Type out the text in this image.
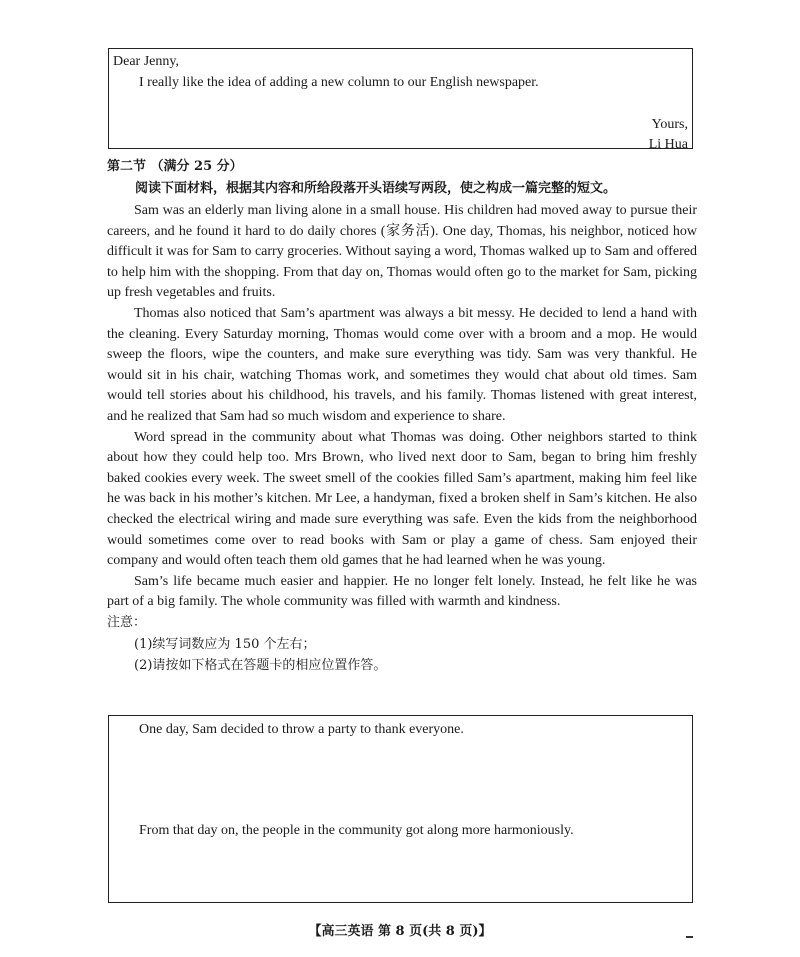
Dear Jenny,
I really like the idea of adding a new column to our English newspaper.
Yours,
Li Hua
第二节 （满分 25 分）
阅读下面材料，根据其内容和所给段落开头语续写两段，使之构成一篇完整的短文。

Sam was an elderly man living alone in a small house. His children had moved away to pursue their careers, and he found it hard to do daily chores (家务活). One day, Thomas, his neighbor, noticed how difficult it was for Sam to carry groceries. Without saying a word, Thomas walked up to Sam and offered to help him with the shopping. From that day on, Thomas would often go to the market for Sam, picking up fresh vegetables and fruits.

Thomas also noticed that Sam’s apartment was always a bit messy. He decided to lend a hand with the cleaning. Every Saturday morning, Thomas would come over with a broom and a mop. He would sweep the floors, wipe the counters, and make sure everything was tidy. Sam was very thankful. He would sit in his chair, watching Thomas work, and sometimes they would chat about old times. Sam would tell stories about his childhood, his travels, and his family. Thomas listened with great interest, and he realized that Sam had so much wisdom and experience to share.

Word spread in the community about what Thomas was doing. Other neighbors started to think about how they could help too. Mrs Brown, who lived next door to Sam, began to bring him freshly baked cookies every week. The sweet smell of the cookies filled Sam’s apartment, making him feel like he was back in his mother’s kitchen. Mr Lee, a handyman, fixed a broken shelf in Sam’s kitchen. He also checked the electrical wiring and made sure everything was safe. Even the kids from the neighborhood would sometimes come over to read books with Sam or play a game of chess. Sam enjoyed their company and would often teach them old games that he had learned when he was young.

Sam’s life became much easier and happier. He no longer felt lonely. Instead, he felt like he was part of a big family. The whole community was filled with warmth and kindness.

注意：
(1)续写词数应为 150 个左右；
(2)请按如下格式在答题卡的相应位置作答。
One day, Sam decided to throw a party to thank everyone.
From that day on, the people in the community got along more harmoniously.
【高三英语 第 8 页(共 8 页)】
